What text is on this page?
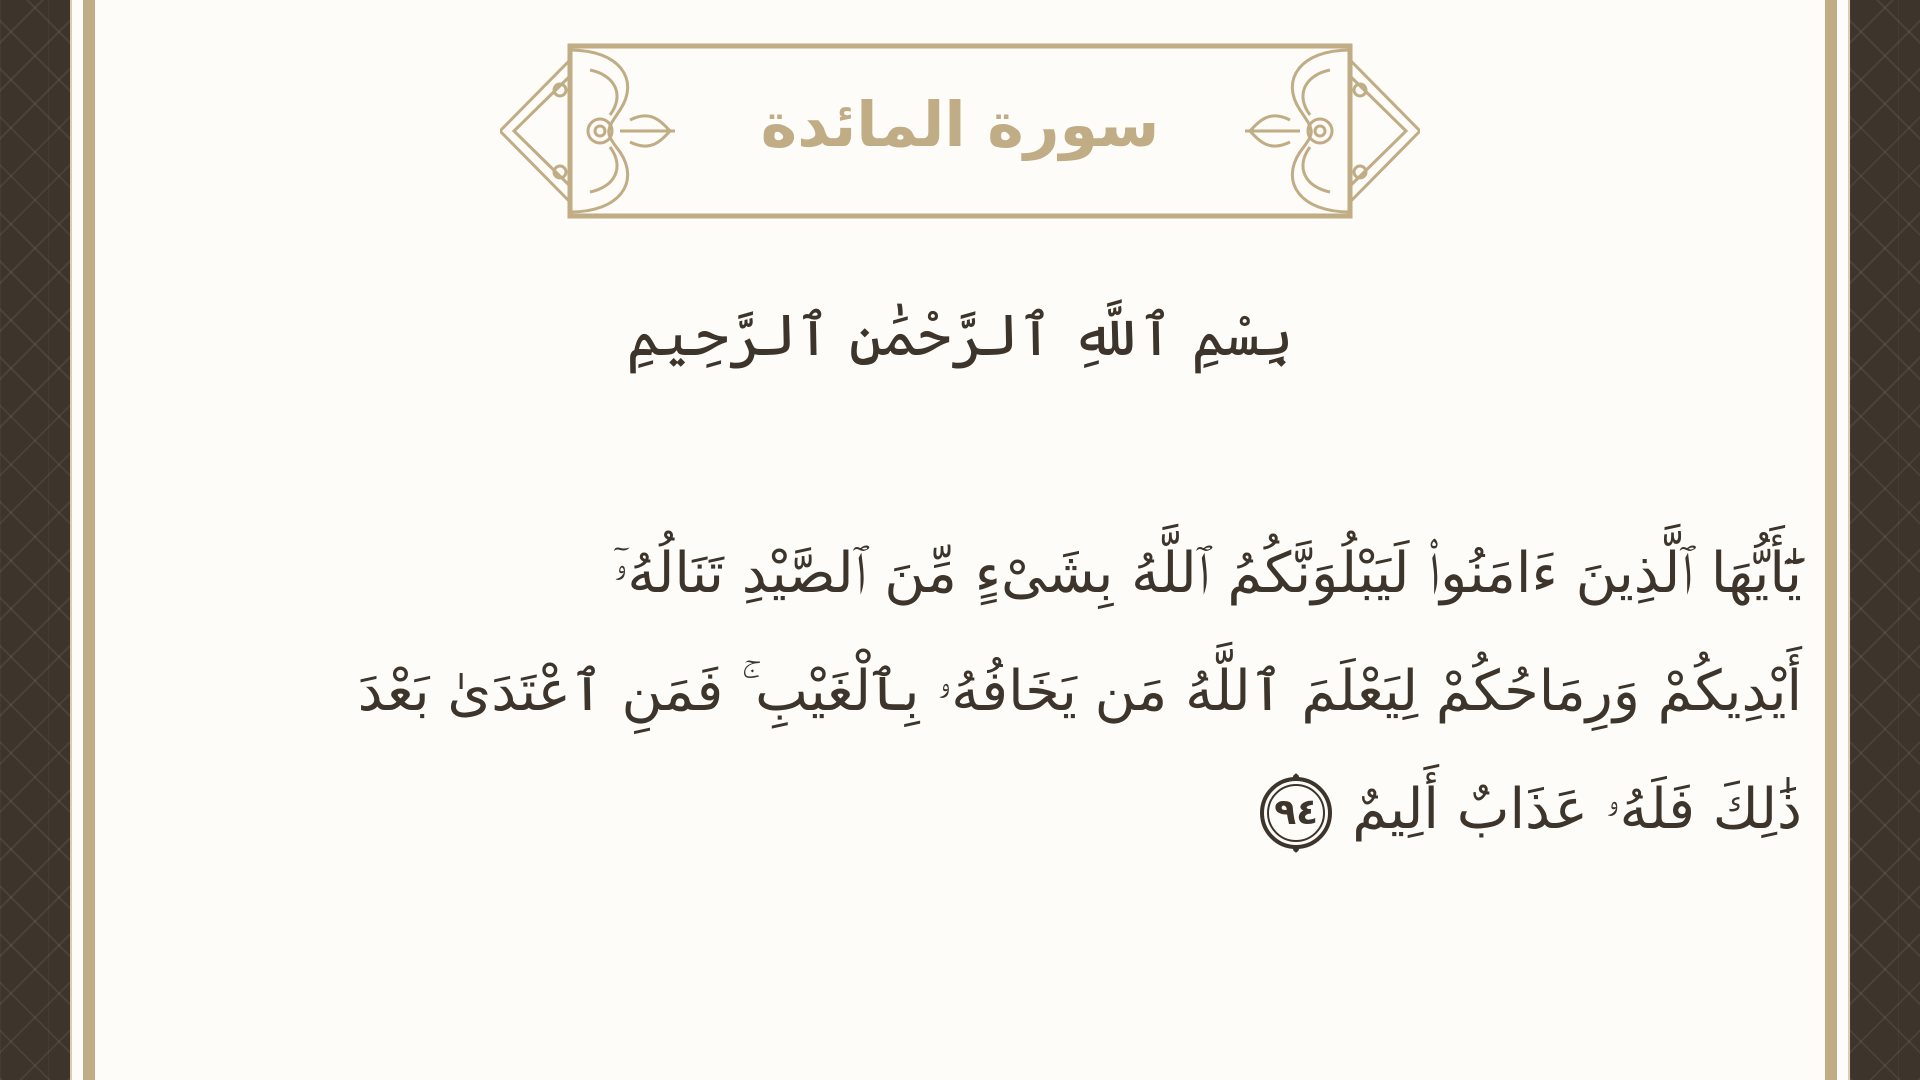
سورة المائدة
بِسْمِ ٱللَّهِ ٱلرَّحْمَٰنِ ٱلرَّحِيمِ
يَٰٓأَيُّهَا ٱلَّذِينَ ءَامَنُوا۟ لَيَبْلُوَنَّكُمُ ٱللَّهُ بِشَىْءٍ مِّنَ ٱلصَّيْدِ تَنَالُهُۥٓ
أَيْدِيكُمْ وَرِمَاحُكُمْ لِيَعْلَمَ ٱللَّهُ مَن يَخَافُهُۥ بِٱلْغَيْبِ ۚ فَمَنِ ٱعْتَدَىٰ بَعْدَ
ذَٰلِكَ فَلَهُۥ عَذَابٌ أَلِيمٌ
٩٤
